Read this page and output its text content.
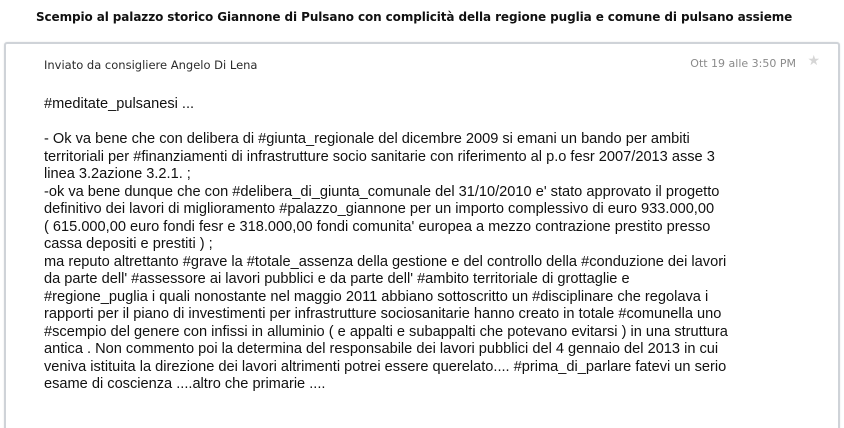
Scempio al palazzo storico Giannone di Pulsano con complicità della regione puglia e comune di pulsano assieme
Inviato da consigliere Angelo Di Lena	Ott 19 alle 3:50 PM ★
#meditate_pulsanesi ...
- Ok va bene che con delibera di #giunta_regionale del dicembre 2009 si emani un bando per ambiti
territoriali per #finanziamenti di infrastrutture socio sanitarie con riferimento al p.o fesr 2007/2013 asse 3
linea 3.2azione 3.2.1. ;
-ok va bene dunque che con #delibera_di_giunta_comunale del 31/10/2010 e' stato approvato il progetto
definitivo dei lavori di miglioramento #palazzo_giannone per un importo complessivo di euro 933.000,00
( 615.000,00 euro fondi fesr e 318.000,00 fondi comunita' europea a mezzo contrazione prestito presso
cassa depositi e prestiti ) ;
ma reputo altrettanto #grave la #totale_assenza della gestione e del controllo della #conduzione dei lavori
da parte dell' #assessore ai lavori pubblici e da parte dell' #ambito territoriale di grottaglie e
#regione_puglia i quali nonostante nel maggio 2011 abbiano sottoscritto un #disciplinare che regolava i
rapporti per il piano di investimenti per infrastrutture sociosanitarie hanno creato in totale #comunella uno
#scempio del genere con infissi in alluminio ( e appalti e subappalti che potevano evitarsi ) in una struttura
antica . Non commento poi la determina del responsabile dei lavori pubblici del 4 gennaio del 2013 in cui
veniva istituita la direzione dei lavori altrimenti potrei essere querelato.... #prima_di_parlare fatevi un serio
esame di coscienza ....altro che primarie ....
